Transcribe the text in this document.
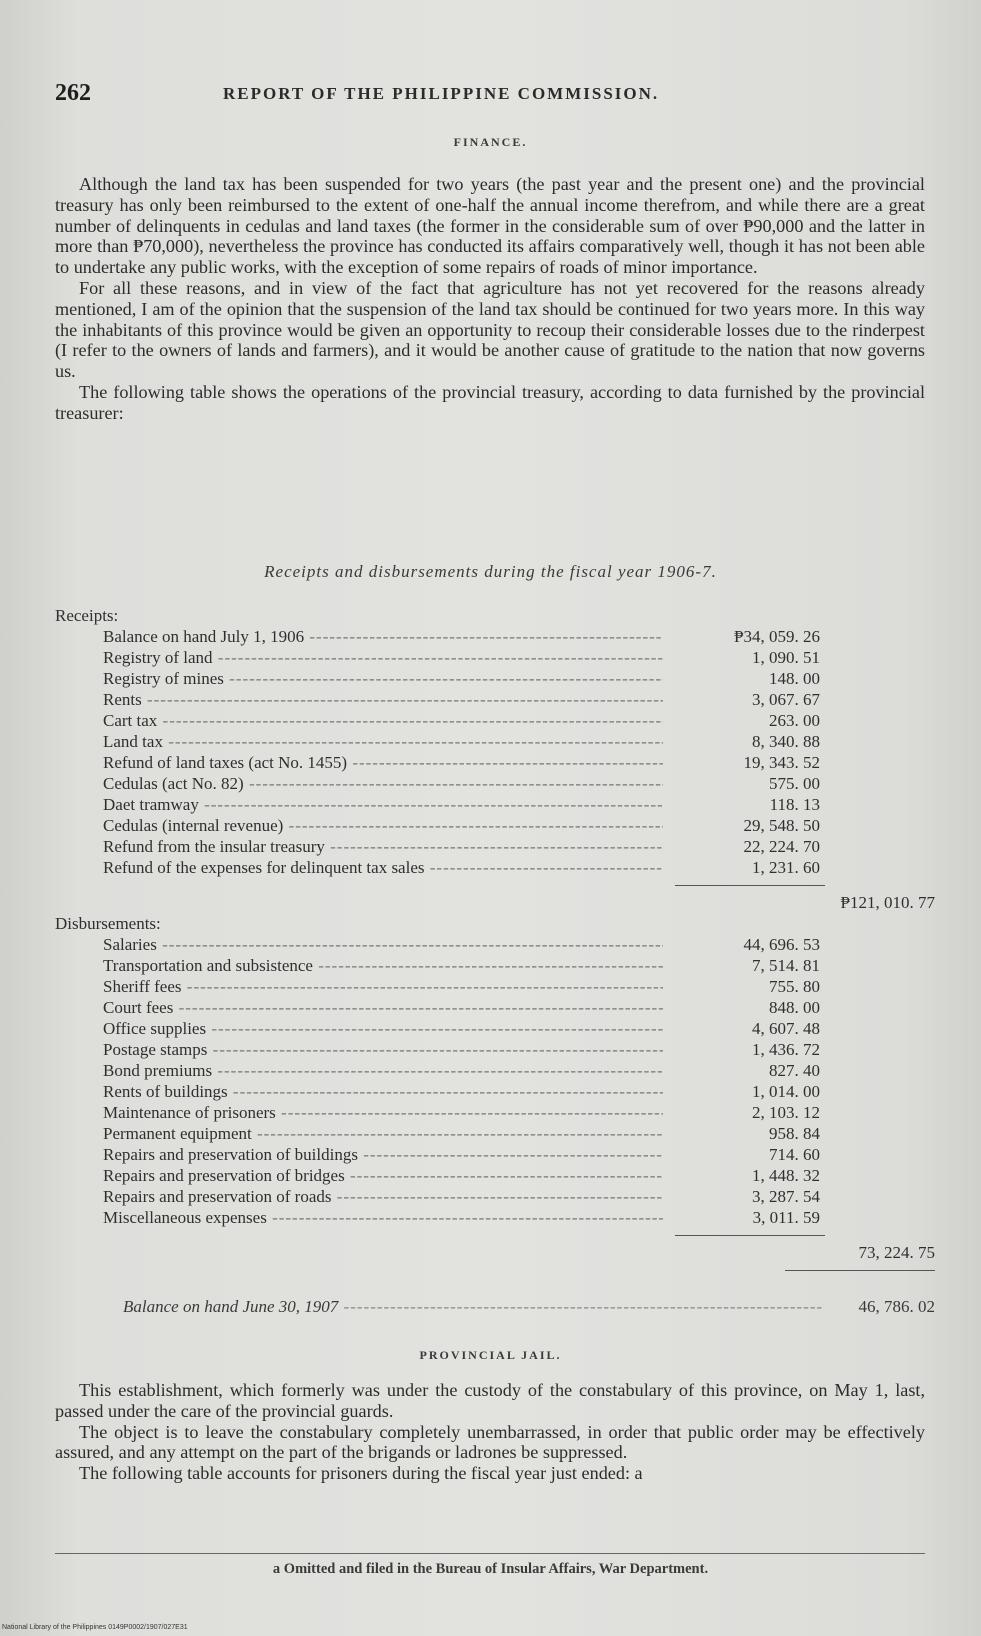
262	REPORT OF THE PHILIPPINE COMMISSION.
FINANCE.

Although the land tax has been suspended for two years (the past year and the present one) and the provincial treasury has only been reimbursed to the extent of one-half the annual income therefrom, and while there are a great number of delinquents in cedulas and land taxes (the former in the considerable sum of over ₱90,000 and the latter in more than ₱70,000), nevertheless the province has conducted its affairs comparatively well, though it has not been able to undertake any public works, with the exception of some repairs of roads of minor importance.

For all these reasons, and in view of the fact that agriculture has not yet recovered for the reasons already mentioned, I am of the opinion that the suspension of the land tax should be continued for two years more. In this way the inhabitants of this province would be given an opportunity to recoup their considerable losses due to the rinderpest (I refer to the owners of lands and farmers), and it would be another cause of gratitude to the nation that now governs us.

The following table shows the operations of the provincial treasury, according to data furnished by the provincial treasurer:

Receipts and disbursements during the fiscal year 1906-7.
Receipts:
Balance on hand July 1, 1906 -----	₱34, 059. 26
Registry of land -----	1, 090. 51
Registry of mines -----	148. 00
Rents -----	3, 067. 67
Cart tax -----	263. 00
Land tax -----	8, 340. 88
Refund of land taxes (act No. 1455) -----	19, 343. 52
Cedulas (act No. 82) -----	575. 00
Daet tramway -----	118. 13
Cedulas (internal revenue) -----	29, 548. 50
Refund from the insular treasury -----	22, 224. 70
Refund of the expenses for delinquent tax sales -----	1, 231. 60
₱121, 010. 77
Disbursements:
Salaries -----	44, 696. 53
Transportation and subsistence -----	7, 514. 81
Sheriff fees -----	755. 80
Court fees -----	848. 00
Office supplies -----	4, 607. 48
Postage stamps -----	1, 436. 72
Bond premiums -----	827. 40
Rents of buildings -----	1, 014. 00
Maintenance of prisoners -----	2, 103. 12
Permanent equipment -----	958. 84
Repairs and preservation of buildings -----	714. 60
Repairs and preservation of bridges -----	1, 448. 32
Repairs and preservation of roads -----	3, 287. 54
Miscellaneous expenses -----	3, 011. 59
73, 224. 75
Balance on hand June 30, 1907 -----	46, 786. 02
PROVINCIAL JAIL.

This establishment, which formerly was under the custody of the constabulary of this province, on May 1, last, passed under the care of the provincial guards.

The object is to leave the constabulary completely unembarrassed, in order that public order may be effectively assured, and any attempt on the part of the brigands or ladrones be suppressed.

The following table accounts for prisoners during the fiscal year just ended: a

a Omitted and filed in the Bureau of Insular Affairs, War Department.
National Library of the Philippines 0149P0002/1907/027E31
